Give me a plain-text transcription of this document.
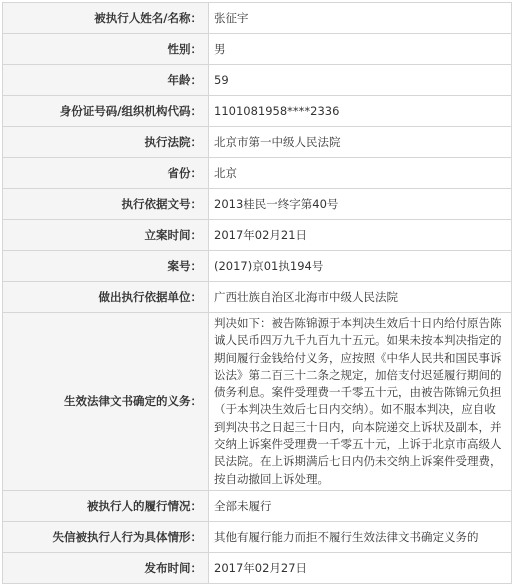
被执行人姓名/名称：	张征宇
性别：	男
年龄：	59
身份证号码/组织机构代码：	1101081958****2336
执行法院：	北京市第一中级人民法院
省份：	北京
执行依据文号：	2013桂民一终字第40号
立案时间：	2017年02月21日
案号：	(2017)京01执194号
做出执行依据单位：	广西壮族自治区北海市中级人民法院
生效法律文书确定的义务：	判决如下：被告陈锦源于本判决生效后十日内给付原告陈诚人民币四万九千九百九十五元。如果未按本判决指定的期间履行金钱给付义务，应按照《中华人民共和国民事诉讼法》第二百三十二条之规定，加倍支付迟延履行期间的债务利息。案件受理费一千零五十元，由被告陈锦元负担（于本判决生效后七日内交纳）。如不服本判决，应自收到判决书之日起三十日内，向本院递交上诉状及副本，并交纳上诉案件受理费一千零五十元，上诉于北京市高级人民法院。在上诉期满后七日内仍未交纳上诉案件受理费，按自动撤回上诉处理。
被执行人的履行情况：	全部未履行
失信被执行人行为具体情形：	其他有履行能力而拒不履行生效法律文书确定义务的
发布时间：	2017年02月27日
